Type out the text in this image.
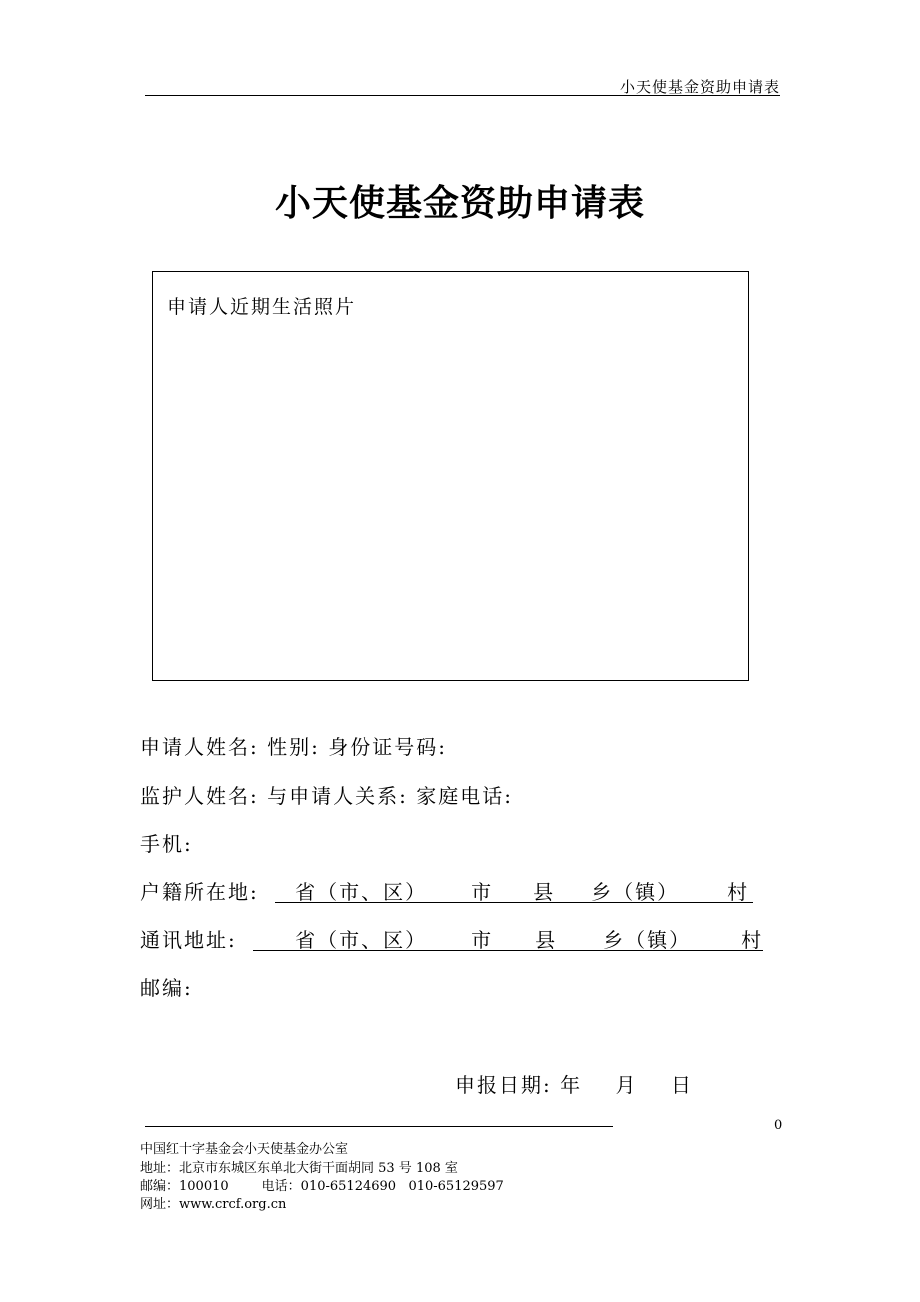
小天使基金资助申请表
小天使基金资助申请表
申请人近期生活照片
申请人姓名: 性别: 身份证号码:
监护人姓名: 与申请人关系: 家庭电话:
手机:
户籍所在地: 省（市、区） 市 县 乡（镇） 村
通讯地址:	省（市、区） 市 县 乡（镇）	村
邮编:
申报日期: 年    月    日
0
中国红十字基金会小天使基金办公室
地址：北京市东城区东单北大街干面胡同 53 号 108 室
邮编：100010        电话：010-65124690   010-65129597
网址：www.crcf.org.cn
